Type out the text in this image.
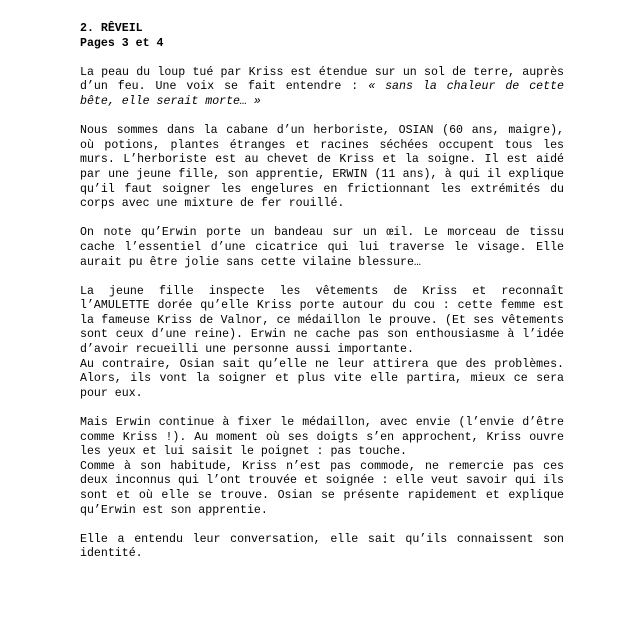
2. RÊVEIL
Pages 3 et 4

La peau du loup tué par Kriss est étendue sur un sol de terre, auprès d’un feu. Une voix se fait entendre : « sans la chaleur de cette bête, elle serait morte… »

Nous sommes dans la cabane d’un herboriste, OSIAN (60 ans, maigre), où potions, plantes étranges et racines séchées occupent tous les murs. L’herboriste est au chevet de Kriss et la soigne. Il est aidé par une jeune fille, son apprentie, ERWIN (11 ans), à qui il explique qu’il faut soigner les engelures en frictionnant les extrémités du corps avec une mixture de fer rouillé.

On note qu’Erwin porte un bandeau sur un œil. Le morceau de tissu cache l’essentiel d’une cicatrice qui lui traverse le visage. Elle aurait pu être jolie sans cette vilaine blessure…

La jeune fille inspecte les vêtements de Kriss et reconnaît l’AMULETTE dorée qu’elle Kriss porte autour du cou : cette femme est la fameuse Kriss de Valnor, ce médaillon le prouve. (Et ses vêtements sont ceux d’une reine). Erwin ne cache pas son enthousiasme à l’idée d’avoir recueilli une personne aussi importante.

Au contraire, Osian sait qu’elle ne leur attirera que des problèmes. Alors, ils vont la soigner et plus vite elle partira, mieux ce sera pour eux.

Mais Erwin continue à fixer le médaillon, avec envie (l’envie d’être comme Kriss !). Au moment où ses doigts s’en approchent, Kriss ouvre les yeux et lui saisit le poignet : pas touche.

Comme à son habitude, Kriss n’est pas commode, ne remercie pas ces deux inconnus qui l’ont trouvée et soignée : elle veut savoir qui ils sont et où elle se trouve. Osian se présente rapidement et explique qu’Erwin est son apprentie.

Elle a entendu leur conversation, elle sait qu’ils connaissent son identité.
